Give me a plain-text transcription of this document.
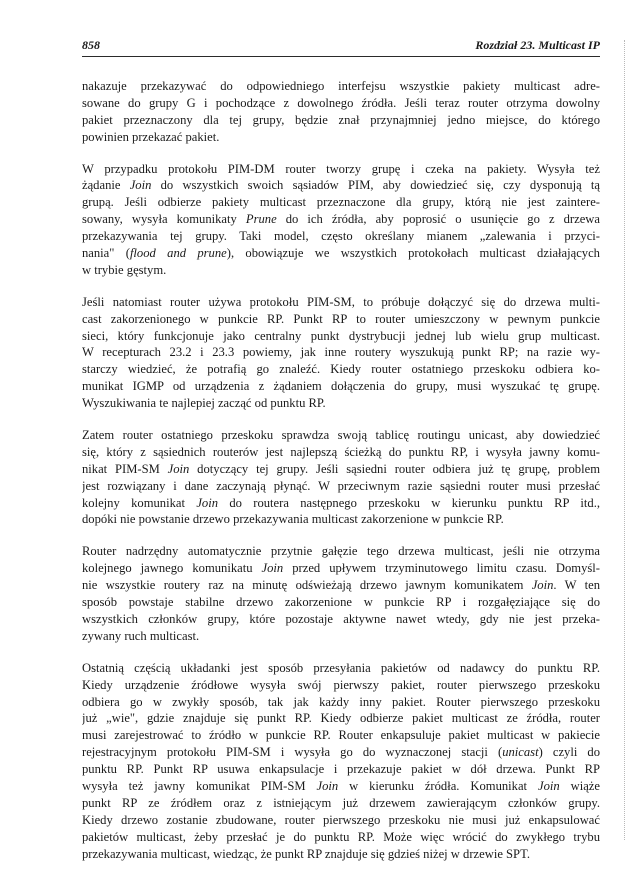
858	Rozdział 23. Multicast IP
nakazuje przekazywać do odpowiedniego interfejsu wszystkie pakiety multicast adre-
sowane do grupy G i pochodzące z dowolnego źródła. Jeśli teraz router otrzyma dowolny
pakiet przeznaczony dla tej grupy, będzie znał przynajmniej jedno miejsce, do którego
powinien przekazać pakiet.
W przypadku protokołu PIM-DM router tworzy grupę i czeka na pakiety. Wysyła też
żądanie Join do wszystkich swoich sąsiadów PIM, aby dowiedzieć się, czy dysponują tą
grupą. Jeśli odbierze pakiety multicast przeznaczone dla grupy, którą nie jest zaintere-
sowany, wysyła komunikaty Prune do ich źródła, aby poprosić o usunięcie go z drzewa
przekazywania tej grupy. Taki model, często określany mianem „zalewania i przyci-
nania" (flood and prune), obowiązuje we wszystkich protokołach multicast działających
w trybie gęstym.
Jeśli natomiast router używa protokołu PIM-SM, to próbuje dołączyć się do drzewa multi-
cast zakorzenionego w punkcie RP. Punkt RP to router umieszczony w pewnym punkcie
sieci, który funkcjonuje jako centralny punkt dystrybucji jednej lub wielu grup multicast.
W recepturach 23.2 i 23.3 powiemy, jak inne routery wyszukują punkt RP; na razie wy-
starczy wiedzieć, że potrafią go znaleźć. Kiedy router ostatniego przeskoku odbiera ko-
munikat IGMP od urządzenia z żądaniem dołączenia do grupy, musi wyszukać tę grupę.
Wyszukiwania te najlepiej zacząć od punktu RP.
Zatem router ostatniego przeskoku sprawdza swoją tablicę routingu unicast, aby dowiedzieć
się, który z sąsiednich routerów jest najlepszą ścieżką do punktu RP, i wysyła jawny komu-
nikat PIM-SM Join dotyczący tej grupy. Jeśli sąsiedni router odbiera już tę grupę, problem
jest rozwiązany i dane zaczynają płynąć. W przeciwnym razie sąsiedni router musi przesłać
kolejny komunikat Join do routera następnego przeskoku w kierunku punktu RP itd.,
dopóki nie powstanie drzewo przekazywania multicast zakorzenione w punkcie RP.
Router nadrzędny automatycznie przytnie gałęzie tego drzewa multicast, jeśli nie otrzyma
kolejnego jawnego komunikatu Join przed upływem trzyminutowego limitu czasu. Domyśl-
nie wszystkie routery raz na minutę odświeżają drzewo jawnym komunikatem Join. W ten
sposób powstaje stabilne drzewo zakorzenione w punkcie RP i rozgałęziające się do
wszystkich członków grupy, które pozostaje aktywne nawet wtedy, gdy nie jest przeka-
zywany ruch multicast.
Ostatnią częścią układanki jest sposób przesyłania pakietów od nadawcy do punktu RP.
Kiedy urządzenie źródłowe wysyła swój pierwszy pakiet, router pierwszego przeskoku
odbiera go w zwykły sposób, tak jak każdy inny pakiet. Router pierwszego przeskoku
już „wie", gdzie znajduje się punkt RP. Kiedy odbierze pakiet multicast ze źródła, router
musi zarejestrować to źródło w punkcie RP. Router enkapsuluje pakiet multicast w pakiecie
rejestracyjnym protokołu PIM-SM i wysyła go do wyznaczonej stacji (unicast) czyli do
punktu RP. Punkt RP usuwa enkapsulacje i przekazuje pakiet w dół drzewa. Punkt RP
wysyła też jawny komunikat PIM-SM Join w kierunku źródła. Komunikat Join wiąże
punkt RP ze źródłem oraz z istniejącym już drzewem zawierającym członków grupy.
Kiedy drzewo zostanie zbudowane, router pierwszego przeskoku nie musi już enkapsulować
pakietów multicast, żeby przesłać je do punktu RP. Może więc wrócić do zwykłego trybu
przekazywania multicast, wiedząc, że punkt RP znajduje się gdzieś niżej w drzewie SPT.
